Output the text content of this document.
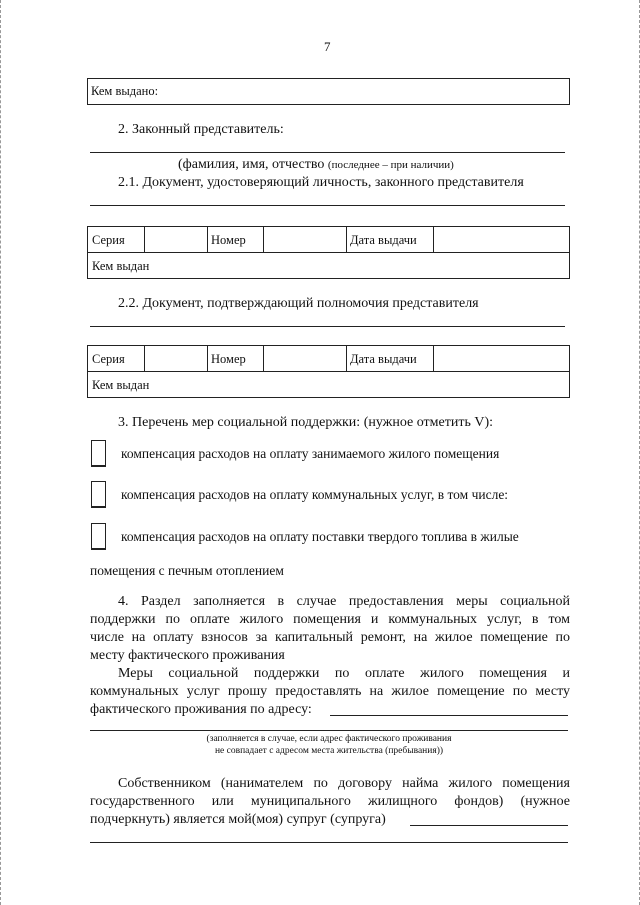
7
Кем выдано:
2. Законный представитель:
(фамилия, имя, отчество (последнее – при наличии)
2.1. Документ, удостоверяющий личность, законного представителя
Серия	Номер	Дата выдачи
Кем выдан
2.2. Документ, подтверждающий полномочия представителя
Серия	Номер	Дата выдачи
Кем выдан
3. Перечень мер социальной поддержки: (нужное отметить V):
компенсация расходов на оплату занимаемого жилого помещения
компенсация расходов на оплату коммунальных услуг, в том числе:
компенсация расходов на оплату поставки твердого топлива в жилые
помещения с печным отоплением
4. Раздел заполняется в случае предоставления меры социальной
поддержки по оплате жилого помещения и коммунальных услуг, в том
числе на оплату взносов за капитальный ремонт, на жилое помещение по
месту фактического проживания
Меры социальной поддержки по оплате жилого помещения и
коммунальных услуг прошу предоставлять на жилое помещение по месту
фактического проживания по адресу:
(заполняется в случае, если адрес фактического проживания
не совпадает с адресом места жительства (пребывания))
Собственником (нанимателем по договору найма жилого помещения
государственного или муниципального жилищного фондов) (нужное
подчеркнуть) является мой(моя) супруг (супруга)
